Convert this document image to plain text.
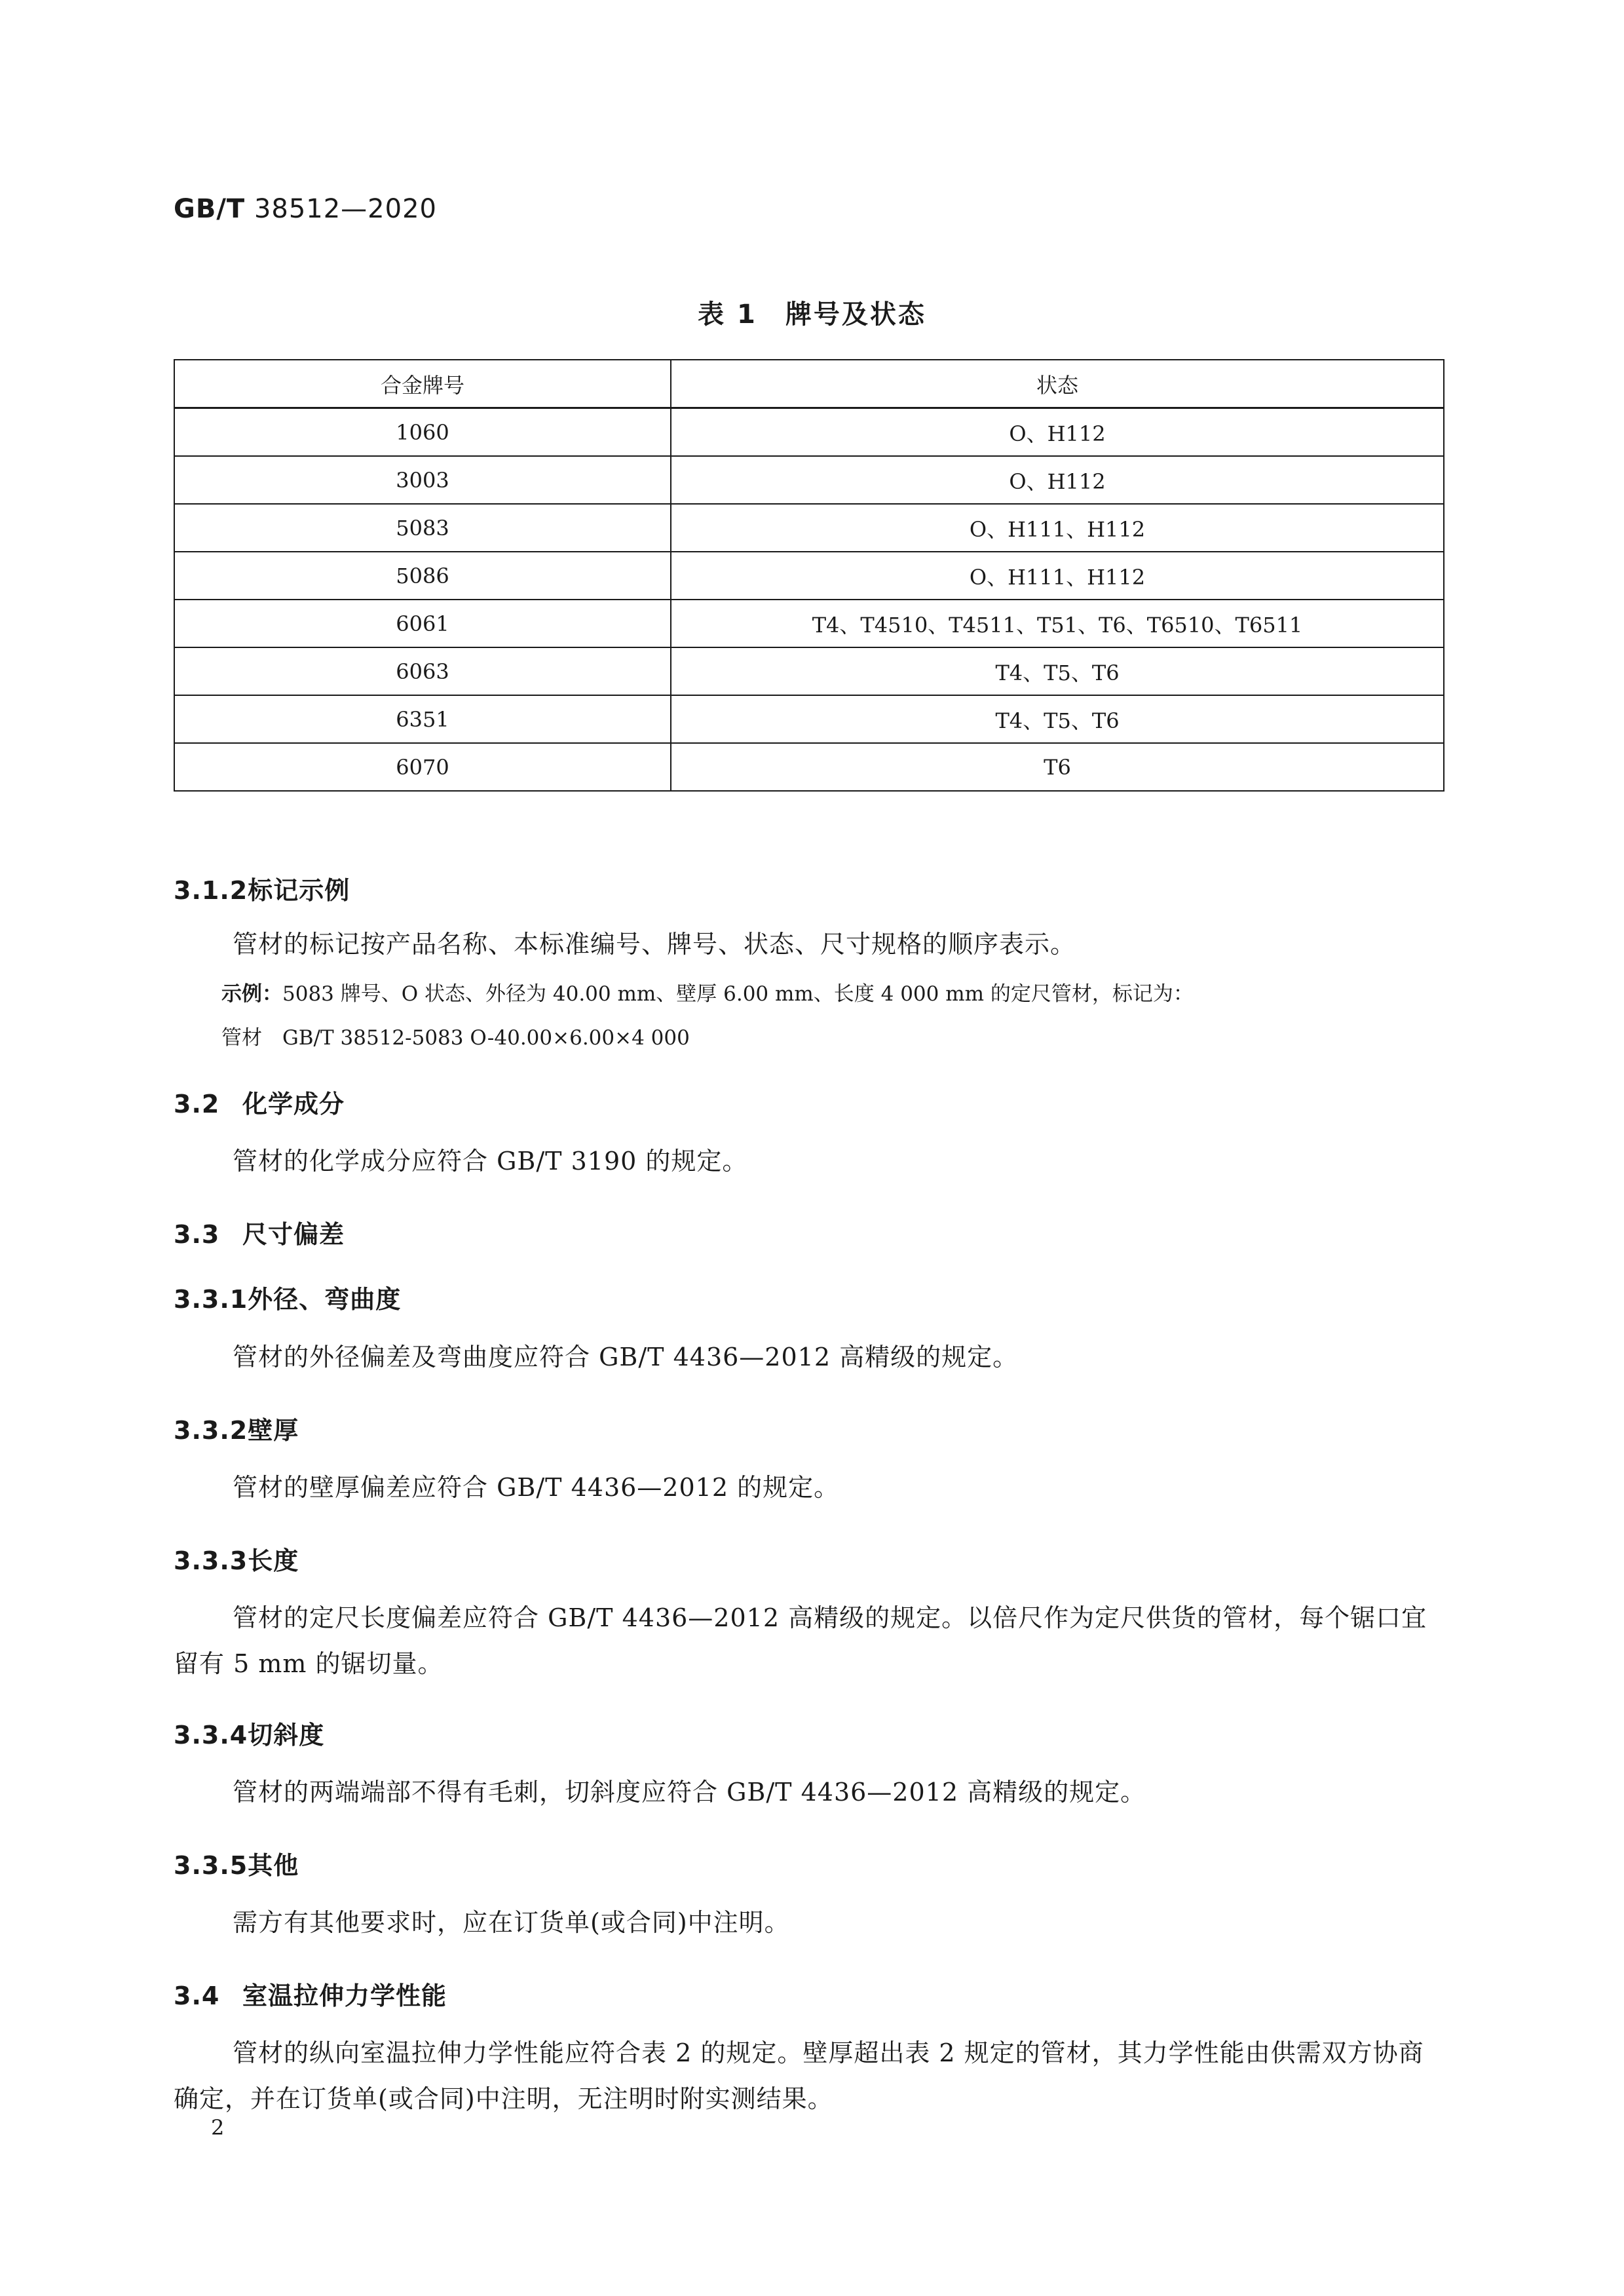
GB/T 38512—2020
表 1　牌号及状态
合金牌号	状态
1060	O、H112
3003	O、H112
5083	O、H111、H112
5086	O、H111、H112
6061	T4、T4510、T4511、T51、T6、T6510、T6511
6063	T4、T5、T6
6351	T4、T5、T6
6070	T6
3.1.2标记示例
管材的标记按产品名称、本标准编号、牌号、状态、尺寸规格的顺序表示。
示例：5083 牌号、O 状态、外径为 40.00 mm、壁厚 6.00 mm、长度 4 000 mm 的定尺管材，标记为：
管材　GB/T 38512-5083 O-40.00×6.00×4 000
3.2 化学成分
管材的化学成分应符合 GB/T 3190 的规定。
3.3 尺寸偏差
3.3.1外径、弯曲度
管材的外径偏差及弯曲度应符合 GB/T 4436—2012 高精级的规定。
3.3.2壁厚
管材的壁厚偏差应符合 GB/T 4436—2012 的规定。
3.3.3长度
管材的定尺长度偏差应符合 GB/T 4436—2012 高精级的规定。以倍尺作为定尺供货的管材，每个锯口宜留有 5 mm 的锯切量。
3.3.4切斜度
管材的两端端部不得有毛刺，切斜度应符合 GB/T 4436—2012 高精级的规定。
3.3.5其他
需方有其他要求时，应在订货单(或合同)中注明。
3.4 室温拉伸力学性能
管材的纵向室温拉伸力学性能应符合表 2 的规定。壁厚超出表 2 规定的管材，其力学性能由供需双方协商确定，并在订货单(或合同)中注明，无注明时附实测结果。
2
